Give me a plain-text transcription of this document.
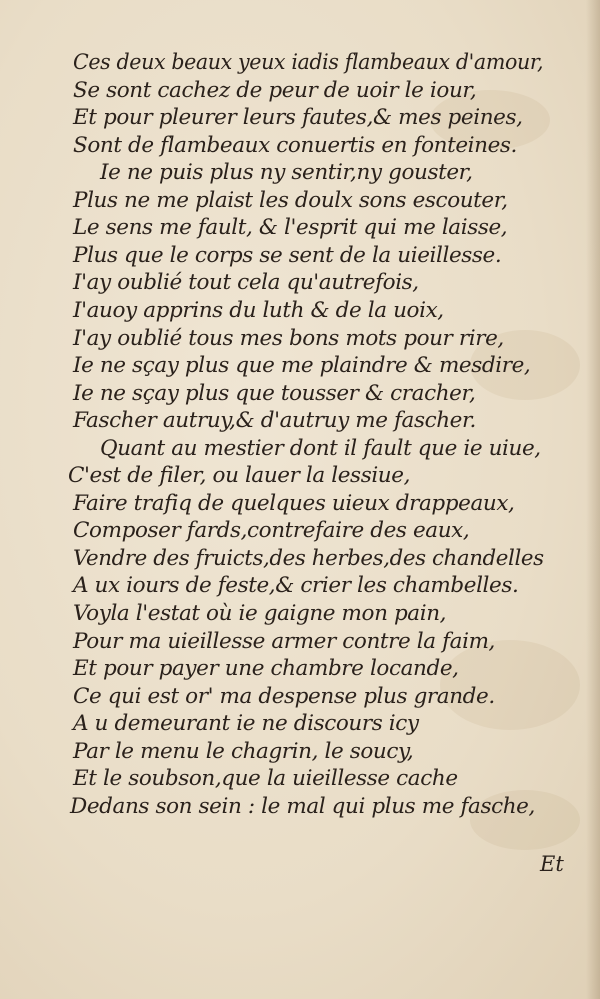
Ces deux beaux yeux iadis flambeaux d'amour,
Se sont cachez de peur de uoir le iour,
Et pour pleurer leurs fautes,& mes peines,
Sont de flambeaux conuertis en fonteines.
Ie ne puis plus ny sentir,ny gouster,
Plus ne me plaist les doulx sons escouter,
Le sens me fault, & l'esprit qui me laisse,
Plus que le corps se sent de la uieillesse.
I'ay oublié tout cela qu'autrefois,
I'auoy apprins du luth & de la uoix,
I'ay oublié tous mes bons mots pour rire,
Ie ne sçay plus que me plaindre & mesdire,
Ie ne sçay plus que tousser & cracher,
Fascher autruy,& d'autruy me fascher.
Quant au mestier dont il fault que ie uiue,
C'est de filer, ou lauer la lessiue,
Faire trafiq de quelques uieux drappeaux,
Composer fards,contrefaire des eaux,
Vendre des fruicts,des herbes,des chandelles
A ux iours de feste,& crier les chambelles.
Voyla l'estat où ie gaigne mon pain,
Pour ma uieillesse armer contre la faim,
Et pour payer une chambre locande,
Ce qui est or' ma despense plus grande.
A u demeurant ie ne discours icy
Par le menu le chagrin, le soucy,
Et le soubson,que la uieillesse cache
Dedans son sein : le mal qui plus me fasche,
Et
